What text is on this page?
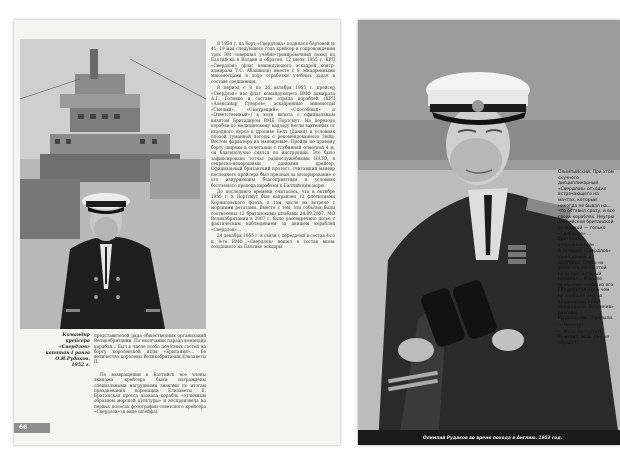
Командир
крейсера
«Свердлов»
капитан I ранга
О.И.Рудаков.
1952 г.
представителей ряда общественных организаций Великобритании. По окончании парада командир корабля... Был в числе особо почётных гостей на борту королевской яхты «Британия»... Ее величество королевы Великобритании Елизаветы II.

По возвращении в Балтийск все члены экипажа крейсера были награждены специальными нагрудными знаками по итогам празднования коронации Елизаветы II. Британская пресса назвала корабль «отличным образцом морской культуры» и воспроизвела на первых полосах фотографии советского крейсера «Свердлов» (в виде шлейфа).

В 1954 г. на борт «Свердлова» поднялся бортовой № 41; 19 мая следующего года крейсер в сопровождении трех ЭМ совершил учебно-тренировочный поход из Балтийска в Валдив и обратно. 12 июля 1955 г. КРЛ «Свердлов» (флаг командующего эскадрой контр-адмирала Т.С. Абашвили) вместе с 8 эскадренными миноносцами в ходе отработки учебных задач в составе соединения.

В период с 8 по 26 октября 1955 г. крейсер «Свердлов» нес флаг командующего ВМФ адмирала А.Г. Головко в составе отряда кораблей (КРЛ «Александр Суворов», эскадренные миноносцы «Смелый», «Смотрящий», «Способный» и «Ответственный») в ходе визита с официальным визитом Бригадиром ВМБ Портсмут. На переходе корабли по медицинскому надзору несли вахтенных от исходного курса в проливе Белт (Дания) и условиях плохой туманной погоды с рекомендованного Зюйд-Вестом фарватера на маневровые. Пройдя по правому борту широко в сочетании с глубинной отметкой 4 м, он благополучно снялся по инструкции. Это было зафиксировано тотчас радиослужебными НАТО, в секретно-нехорошими данными крейсер. Официальный британский протест, считавший маневр последнего крейсера был признан за игнорирование с его изнуряющим благоприятным в условиях болтаемого прохода кораблем к Балтийским морю.

До последнего времени считалось, что в октябре 1955 г. в Портсмут был направлен 12 флотилиями Корниловского флота, в том числе на встрече с морскими регатами. Вместе с тем, эти события были соотнесены 12 британскими штабами 24.09.2007. МО Великобритании в 2007 г. было рассекречено досье с фактическим наблюдением за днищем кораблей «Свердлов»...

24 декабря 1955 г. в связи с передачей в состав 4-го и 8-го ВМФ «Свердлов» вошел в состав вновь созданного на Балтике эскадры.

66

Олимпийский. При этом скучного дисциплинарный «Свердлов» отходил встречающего на мачтах, который никогда не бывал на... что оставил сразу, и все своих кораблях. Неугрю английской британской разведкой — только «Свердлов» ... британцам «поражающей».

А вечером «Свердлов» ушел домой, в Балтийск. Снова на фоне тех, но на этой ночи тыс. который понимал... И после прибытия, чтобы из его ГРУ работал. Ни о чем не сообщил ему на «подводной атаке прошедшей, Вспомнив» разговор с Московским... прибыли.

— Почему?

— Мало ли пустить Рожкова, ведь уже не спросят.

Олимпий Рудаков во время похода в Англию. 1953 год.
